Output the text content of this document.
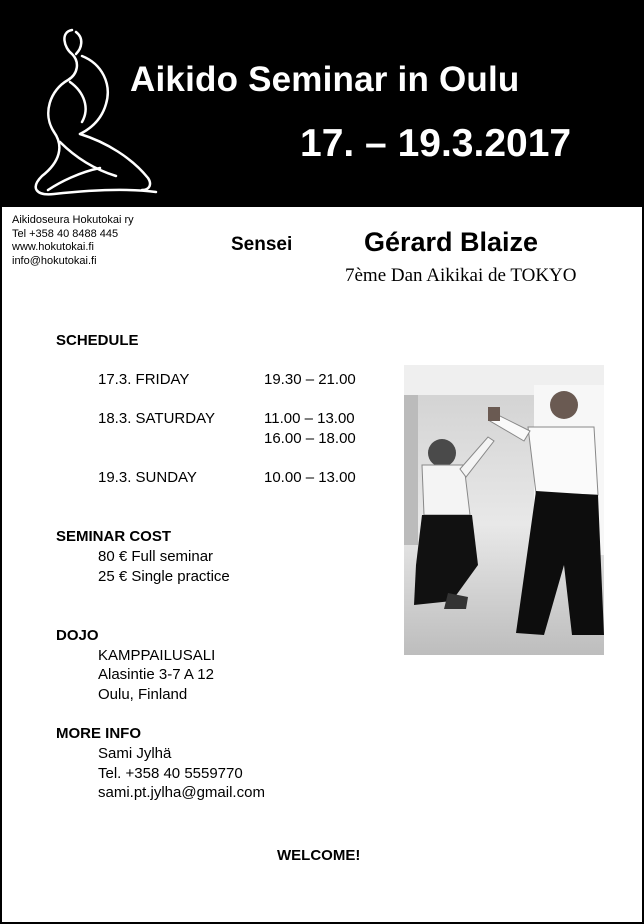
Aikido Seminar in Oulu
17. – 19.3.2017
Aikidoseura Hokutokai ry
Tel +358 40 8488 445
www.hokutokai.fi
info@hokutokai.fi
Sensei	Gérard Blaize
7ème Dan Aikikai de TOKYO
SCHEDULE
17.3. FRIDAY	19.30 – 21.00
18.3. SATURDAY	11.00 – 13.00
16.00 – 18.00
19.3. SUNDAY	10.00 – 13.00
SEMINAR COST
80 € Full seminar
25 € Single practice
DOJO
KAMPPAILUSALI
Alasintie 3-7 A 12
Oulu, Finland
MORE INFO
Sami Jylhä
Tel. +358 40 5559770
sami.pt.jylha@gmail.com
WELCOME!
